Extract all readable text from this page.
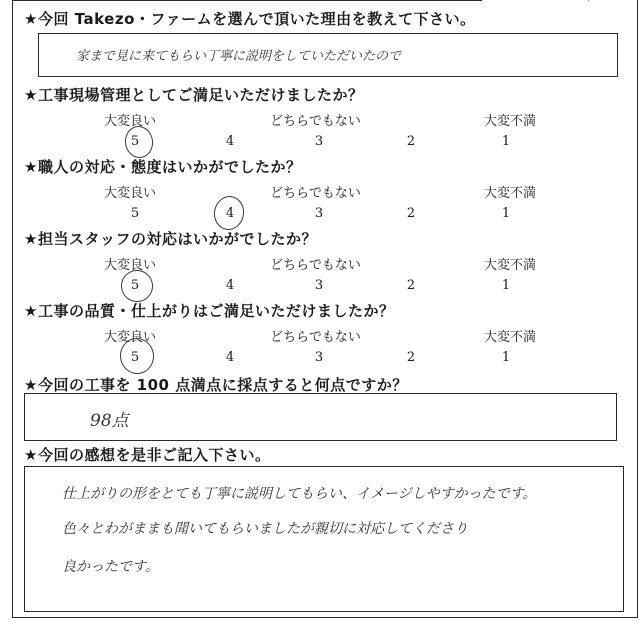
★今回 Takezo・ファームを選んで頂いた理由を教えて下さい。
家まで見に来てもらい丁寧に説明をしていただいたので
★工事現場管理としてご満足いただけましたか？
大変良い	どちらでもない	大変不満
5	4	3	2	1
★職人の対応・態度はいかがでしたか？
大変良い	どちらでもない	大変不満
5	4	3	2	1
★担当スタッフの対応はいかがでしたか？
大変良い	どちらでもない	大変不満
5	4	3	2	1
★工事の品質・仕上がりはご満足いただけましたか？
大変良い	どちらでもない	大変不満
5	4	3	2	1
★今回の工事を 100 点満点に採点すると何点ですか？
98点
★今回の感想を是非ご記入下さい。
仕上がりの形をとても丁寧に説明してもらい、イメージしやすかったです。
色々とわがままも聞いてもらいましたが親切に対応してくださり
良かったです。
